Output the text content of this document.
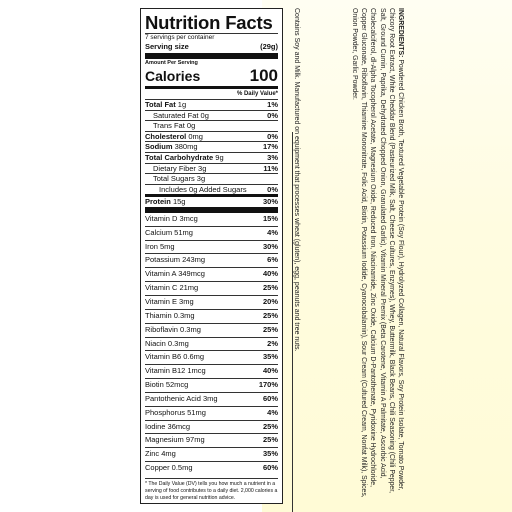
Nutrition Facts
7 servings per container
Serving size	(29g)
Amount Per Serving
Calories	100
% Daily Value*
Total Fat 1g	1%
Saturated Fat 0g	0%
Trans Fat 0g
Cholesterol 0mg	0%
Sodium 380mg	17%
Total Carbohydrate 9g	3%
Dietary Fiber 3g	11%
Total Sugars 3g
Includes 0g Added Sugars	0%
Protein 15g	30%
Vitamin D 3mcg	15%
Calcium 51mg	4%
Iron 5mg	30%
Potassium 243mg	6%
Vitamin A 349mcg	40%
Vitamin C 21mg	25%
Vitamin E 3mg	20%
Thiamin 0.3mg	25%
Riboflavin 0.3mg	25%
Niacin 0.3mg	2%
Vitamin B6 0.6mg	35%
Vitamin B12 1mcg	40%
Biotin 52mcg	170%
Pantothenic Acid 3mg	60%
Phosphorus 51mg	4%
Iodine 36mcg	25%
Magnesium 97mg	25%
Zinc 4mg	35%
Copper 0.5mg	60%
* The Daily Value (DV) tells you how much a nutrient in a serving of food contributes to a daily diet. 2,000 calories a day is used for general nutrition advice.
Contains Soy and Milk. Manufactured on equipment that processes wheat (gluten), egg, peanuts and tree nuts.	INGREDIENTS: Powdered Chicken Broth, Textured Vegetable Protein (Soy Flour), Hydrolyzed Collagen, Natural Flavors, Soy Protein Isolate, Tomato Powder, Chicory Root Extract, White Cheddar Blend (Pasteurized Milk, Salt, Cheese Cultures, Enzymes), Whey, Buttermilk, Black Beans, Chili Seasoning (Chili Pepper, Salt, Ground Cumin, Paprika, Dehydrated Chopped Onion, Granulated Garlic), Vitamin Mineral Premix (Beta Carotene, Vitamin A Palmitate, Ascorbic Acid, Cholecalciferol, dl-Alpha Tocopherol Acetate, Magnesium Oxide, Reduced Iron, Niacinamide, Zinc Oxide, Calcium D-Pantothenate, Pyridoxine Hydrochloride, Copper Gluconate, Riboflavin, Thiamine Mononitrate, Folic Acid, Biotin, Potassium Iodide, Cyanocobalamin), Sour Cream (Cultured Cream, Nonfat Milk), Spices, Onion Powder, Garlic Powder.
